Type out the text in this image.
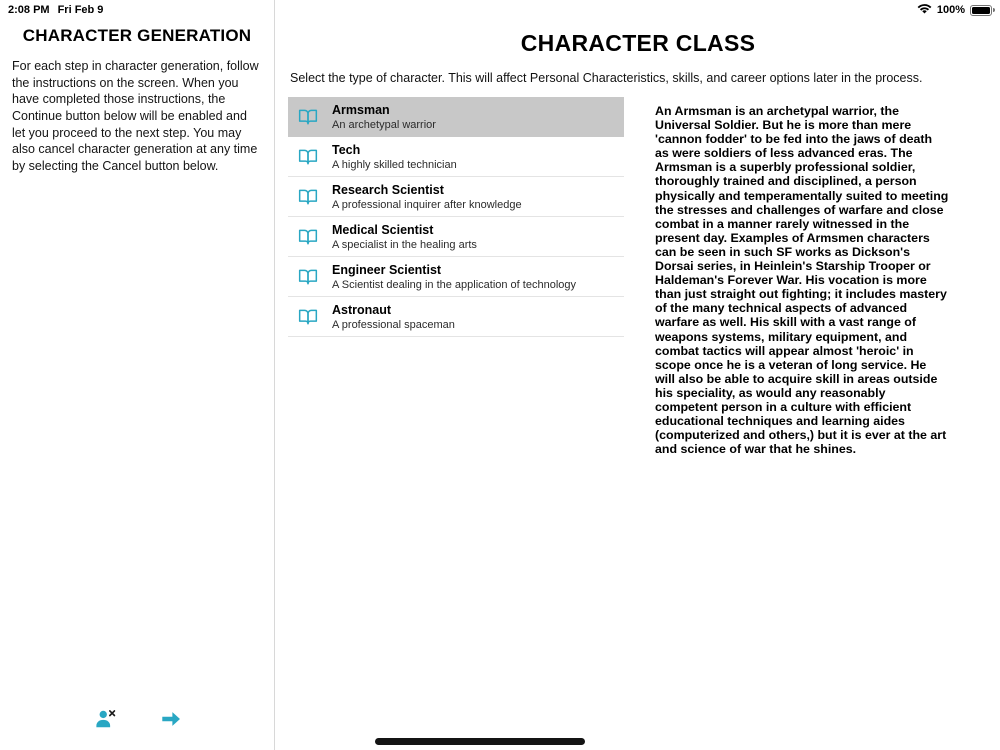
2:08 PM Fri Feb 9	100%
CHARACTER GENERATION

For each step in character generation, follow the instructions on the screen. When you have completed those instructions, the Continue button below will be enabled and let you proceed to the next step. You may also cancel character generation at any time by selecting the Cancel button below.

CHARACTER CLASS

Select the type of character. This will affect Personal Characteristics, skills, and career options later in the process.

Armsman
An archetypal warrior
Tech
A highly skilled technician
Research Scientist
A professional inquirer after knowledge
Medical Scientist
A specialist in the healing arts
Engineer Scientist
A Scientist dealing in the application of technology
Astronaut
A professional spaceman
An Armsman is an archetypal warrior, the Universal Soldier. But he is more than mere 'cannon fodder' to be fed into the jaws of death as were soldiers of less advanced eras. The Armsman is a superbly professional soldier, thoroughly trained and disciplined, a person physically and temperamentally suited to meeting the stresses and challenges of warfare and close combat in a manner rarely witnessed in the present day. Examples of Armsmen characters can be seen in such SF works as Dickson's Dorsai series, in Heinlein's Starship Trooper or Haldeman's Forever War. His vocation is more than just straight out fighting; it includes mastery of the many technical aspects of advanced warfare as well. His skill with a vast range of weapons systems, military equipment, and combat tactics will appear almost 'heroic' in scope once he is a veteran of long service. He will also be able to acquire skill in areas outside his speciality, as would any reasonably competent person in a culture with efficient educational techniques and learning aides (computerized and others,) but it is ever at the art and science of war that he shines.
